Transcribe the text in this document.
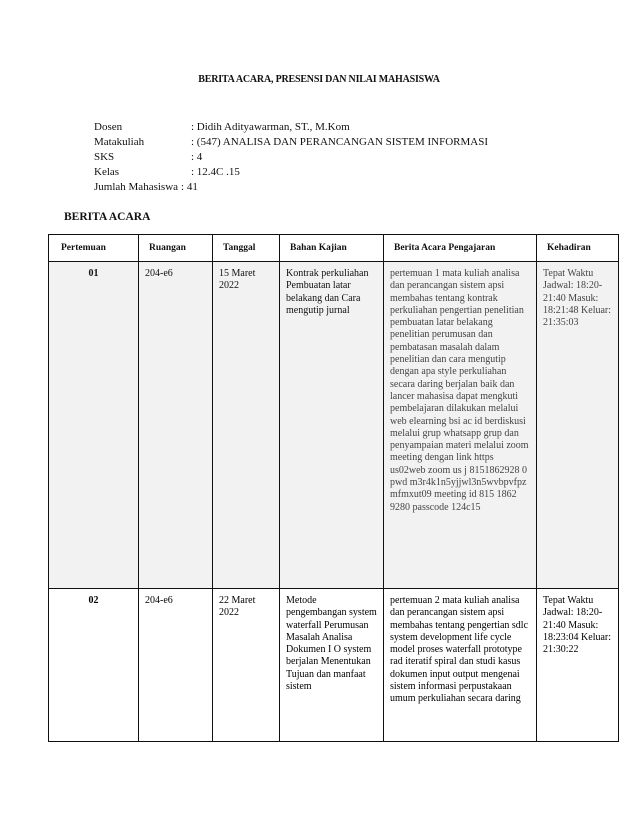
BERITA ACARA, PRESENSI DAN NILAI MAHASISWA
Dosen	: Didih Adityawarman, ST., M.Kom
Matakuliah	: (547) ANALISA DAN PERANCANGAN SISTEM INFORMASI
SKS	: 4
Kelas	: 12.4C .15
Jumlah Mahasiswa : 41
BERITA ACARA
Pertemuan	Ruangan	Tanggal	Bahan Kajian	Berita Acara Pengajaran	Kehadiran
01	204-e6	15 Maret 2022	Kontrak perkuliahan Pembuatan latar belakang dan Cara mengutip jurnal	pertemuan 1 mata kuliah analisa dan perancangan sistem apsi membahas tentang kontrak perkuliahan pengertian penelitian pembuatan latar belakang penelitian perumusan dan pembatasan masalah dalam penelitian dan cara mengutip dengan apa style perkuliahan secara daring berjalan baik dan lancer mahasisa dapat mengkuti pembelajaran dilakukan melalui web elearning bsi ac id berdiskusi melalui grup whatsapp grup dan penyampaian materi melalui zoom meeting dengan link https us02web zoom us j 8151862928 0 pwd m3r4k1n5yjjwl3n5wvbpvfpz mfmxut09 meeting id 815 1862 9280 passcode 124c15	Tepat Waktu Jadwal: 18:20-21:40 Masuk: 18:21:48 Keluar: 21:35:03
02	204-e6	22 Maret 2022	Metode pengembangan system waterfall Perumusan Masalah Analisa Dokumen I O system berjalan Menentukan Tujuan dan manfaat sistem	pertemuan 2 mata kuliah analisa dan perancangan sistem apsi membahas tentang pengertian sdlc system development life cycle model proses waterfall prototype rad iteratif spiral dan studi kasus dokumen input output mengenai sistem informasi perpustakaan umum perkuliahan secara daring	Tepat Waktu Jadwal: 18:20-21:40 Masuk: 18:23:04 Keluar: 21:30:22
